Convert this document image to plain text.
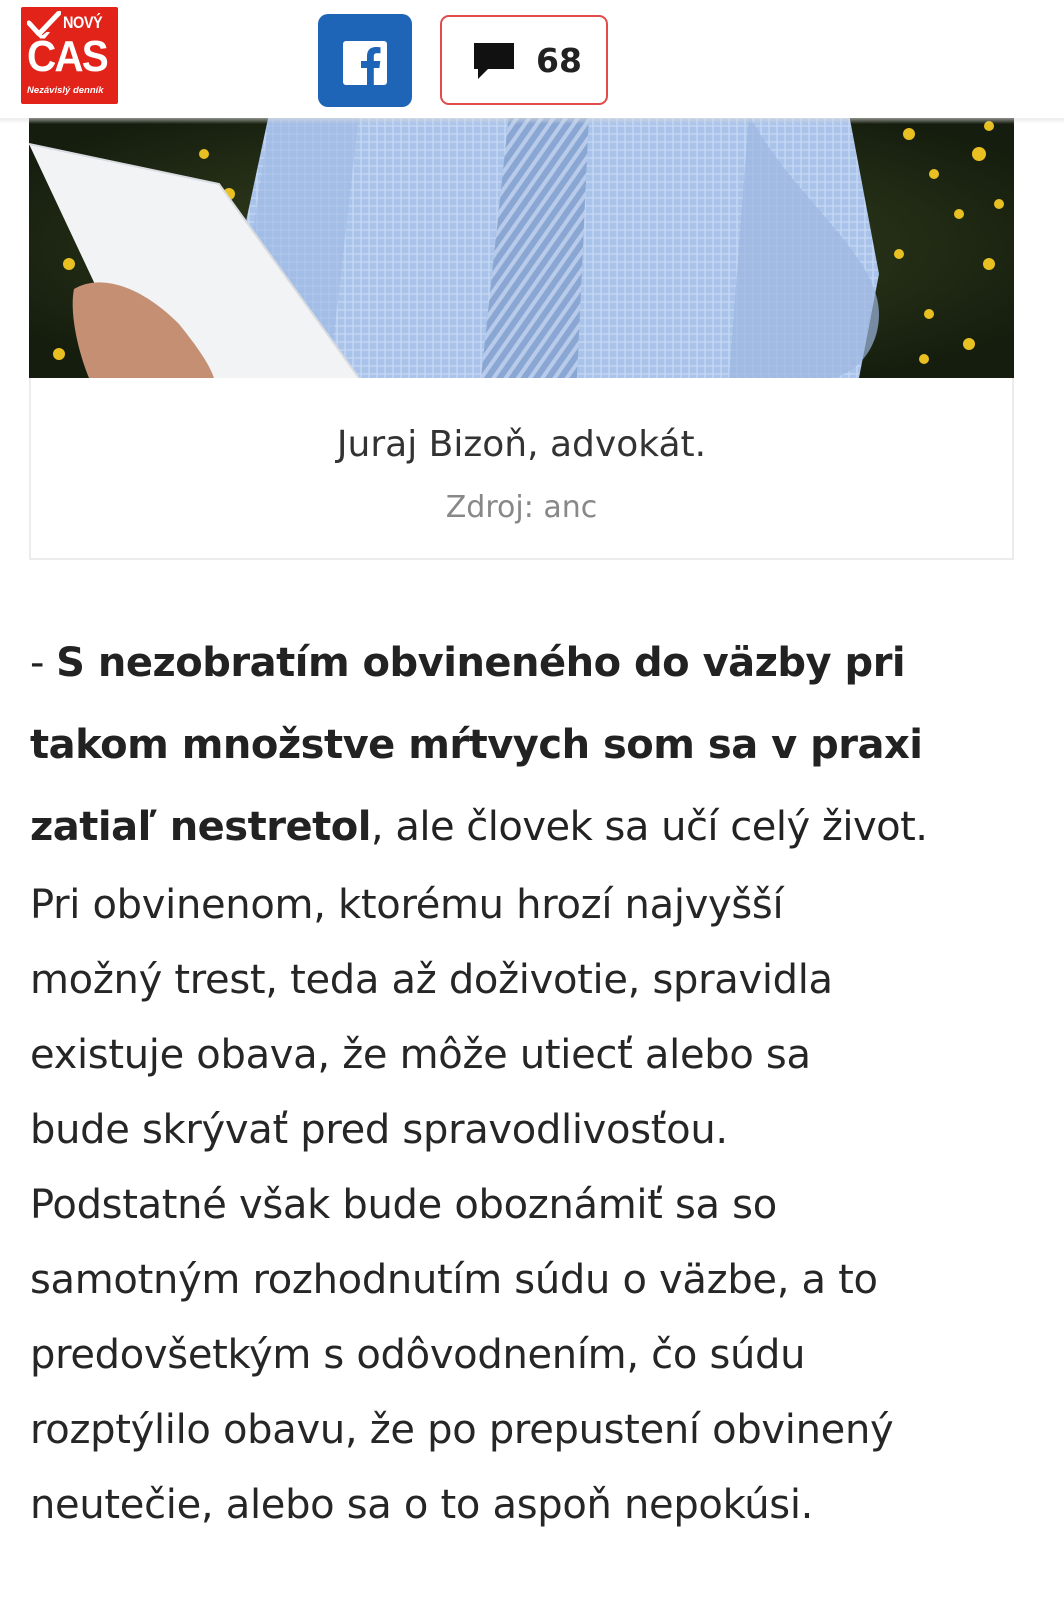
NOVÝ
ČAS
Nezávislý denník
68
Juraj Bizoň, advokát.
Zdroj: anc
- S nezobratím obvineného do väzby pri
takom množstve mŕtvych som sa v praxi
zatiaľ nestretol, ale človek sa učí celý život.
Pri obvinenom, ktorému hrozí najvyšší
možný trest, teda až doživotie, spravidla
existuje obava, že môže utiecť alebo sa
bude skrývať pred spravodlivosťou.
Podstatné však bude oboznámiť sa so
samotným rozhodnutím súdu o väzbe, a to
predovšetkým s odôvodnením, čo súdu
rozptýlilo obavu, že po prepustení obvinený
neutečie, alebo sa o to aspoň nepokúsi.
